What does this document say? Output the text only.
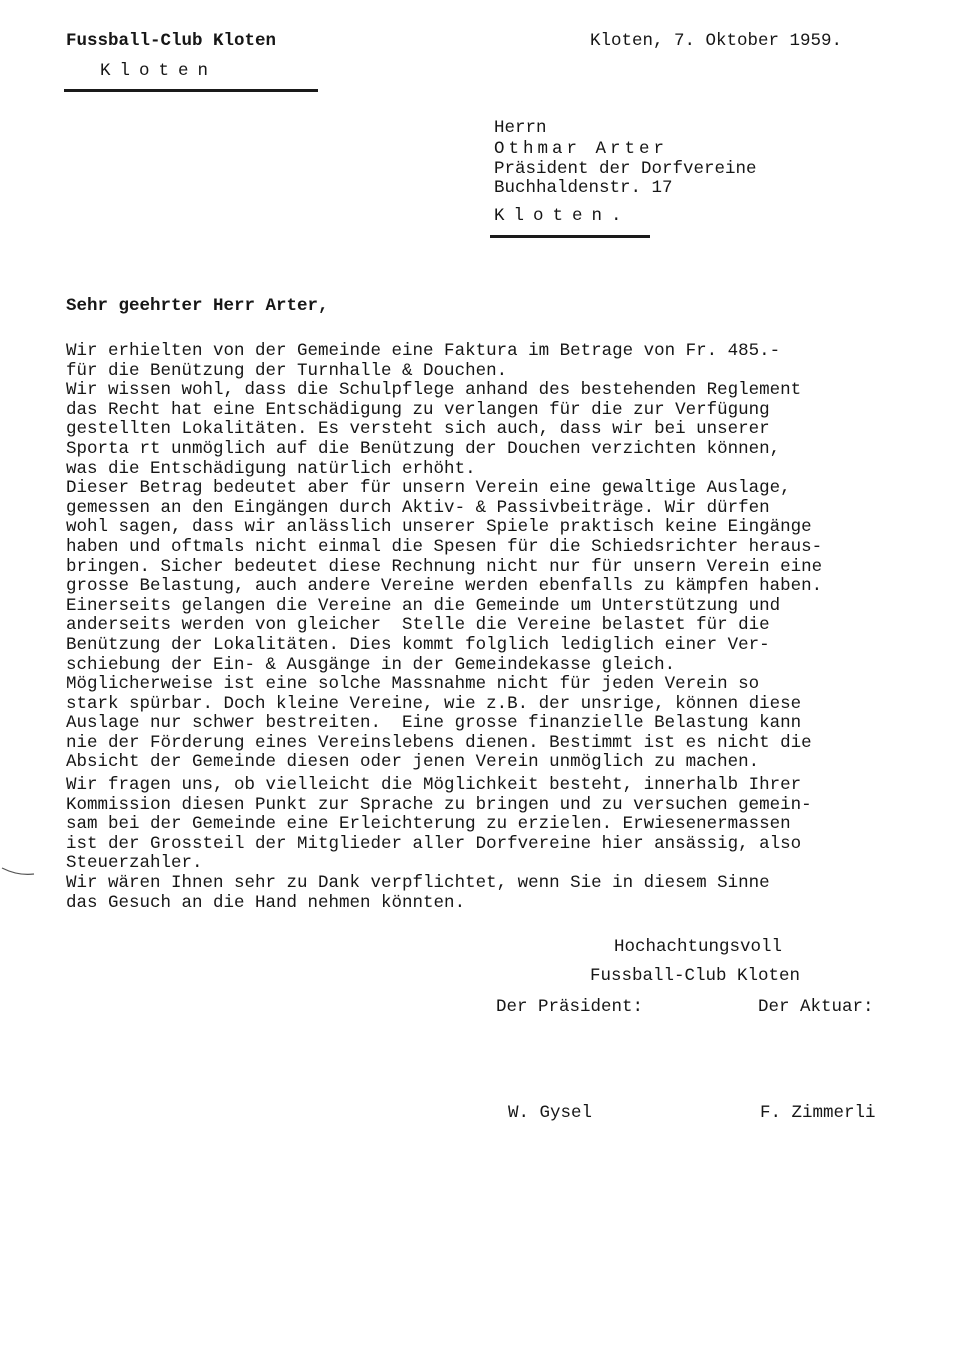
Fussball-Club Kloten
Kloten
Kloten, 7. Oktober 1959.
Herrn
Othmar Arter
Präsident der Dorfvereine
Buchhaldenstr. 17
Kloten.
Sehr geehrter Herr Arter,
Wir erhielten von der Gemeinde eine Faktura im Betrage von Fr. 485.-
für die Benützung der Turnhalle & Douchen.
Wir wissen wohl, dass die Schulpflege anhand des bestehenden Reglement
das Recht hat eine Entschädigung zu verlangen für die zur Verfügung
gestellten Lokalitäten. Es versteht sich auch, dass wir bei unserer
Sporta rt unmöglich auf die Benützung der Douchen verzichten können,
was die Entschädigung natürlich erhöht.
Dieser Betrag bedeutet aber für unsern Verein eine gewaltige Auslage,
gemessen an den Eingängen durch Aktiv- & Passivbeiträge. Wir dürfen
wohl sagen, dass wir anlässlich unserer Spiele praktisch keine Eingänge
haben und oftmals nicht einmal die Spesen für die Schiedsrichter heraus-
bringen. Sicher bedeutet diese Rechnung nicht nur für unsern Verein eine
grosse Belastung, auch andere Vereine werden ebenfalls zu kämpfen haben.
Einerseits gelangen die Vereine an die Gemeinde um Unterstützung und
anderseits werden von gleicher  Stelle die Vereine belastet für die
Benützung der Lokalitäten. Dies kommt folglich lediglich einer Ver-
schiebung der Ein- & Ausgänge in der Gemeindekasse gleich.
Möglicherweise ist eine solche Massnahme nicht für jeden Verein so
stark spürbar. Doch kleine Vereine, wie z.B. der unsrige, können diese
Auslage nur schwer bestreiten.  Eine grosse finanzielle Belastung kann
nie der Förderung eines Vereinslebens dienen. Bestimmt ist es nicht die
Absicht der Gemeinde diesen oder jenen Verein unmöglich zu machen.
Wir fragen uns, ob vielleicht die Möglichkeit besteht, innerhalb Ihrer
Kommission diesen Punkt zur Sprache zu bringen und zu versuchen gemein-
sam bei der Gemeinde eine Erleichterung zu erzielen. Erwiesenermassen
ist der Grossteil der Mitglieder aller Dorfvereine hier ansässig, also
Steuerzahler.
Wir wären Ihnen sehr zu Dank verpflichtet, wenn Sie in diesem Sinne
das Gesuch an die Hand nehmen könnten.
Hochachtungsvoll
Fussball-Club Kloten
Der Präsident:	Der Aktuar:
W. Gysel	F. Zimmerli
